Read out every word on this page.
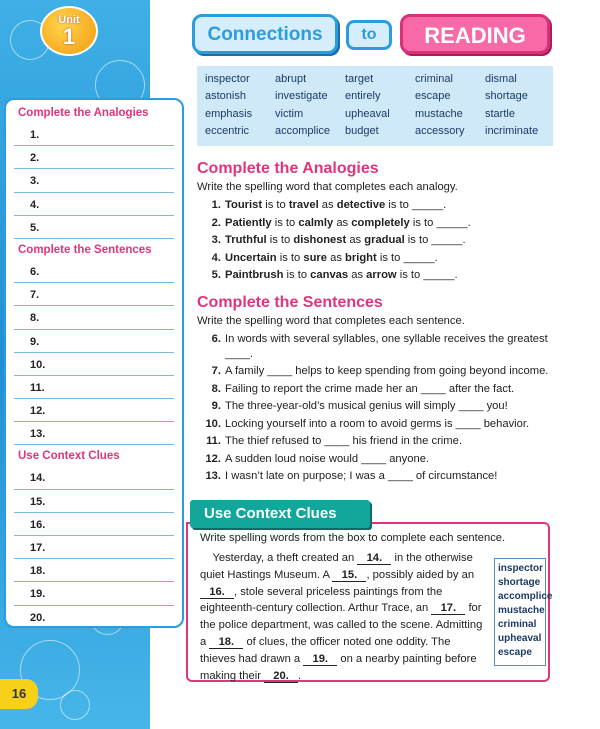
Unit
1
Complete the Analogies
1.
2.
3.
4.
5.
Complete the Sentences
6.
7.
8.
9.
10.
11.
12.
13.
Use Context Clues
14.
15.
16.
17.
18.
19.
20.
16
Connections	to	READING
inspector	abrupt	target	criminal	dismal
astonish	investigate	entirely	escape	shortage
emphasis	victim	upheaval	mustache	startle
eccentric	accomplice	budget	accessory	incriminate
Complete the Analogies
Write the spelling word that completes each analogy.
1. Tourist is to travel as detective is to _____.
2. Patiently is to calmly as completely is to _____.
3. Truthful is to dishonest as gradual is to _____.
4. Uncertain is to sure as bright is to _____.
5. Paintbrush is to canvas as arrow is to _____.
Complete the Sentences
Write the spelling word that completes each sentence.
6. In words with several syllables, one syllable receives the greatest ____.
7. A family ____ helps to keep spending from going beyond income.
8. Failing to report the crime made her an ____ after the fact.
9. The three-year-old’s musical genius will simply ____ you!
10. Locking yourself into a room to avoid germs is ____ behavior.
11. The thief refused to ____ his friend in the crime.
12. A sudden loud noise would ____ anyone.
13. I wasn’t late on purpose; I was a ____ of circumstance!
Use Context Clues
Write spelling words from the box to complete each sentence.
Yesterday, a theft created an 14. in the otherwise quiet Hastings Museum. A 15. , possibly aided by an 16. , stole several priceless paintings from the eighteenth-century collection. Arthur Trace, an 17. for the police department, was called to the scene. Admitting a 18. of clues, the officer noted one oddity. The thieves had drawn a 19. on a nearby painting before making their 20. .
inspector
shortage
accomplice
mustache
criminal
upheaval
escape
